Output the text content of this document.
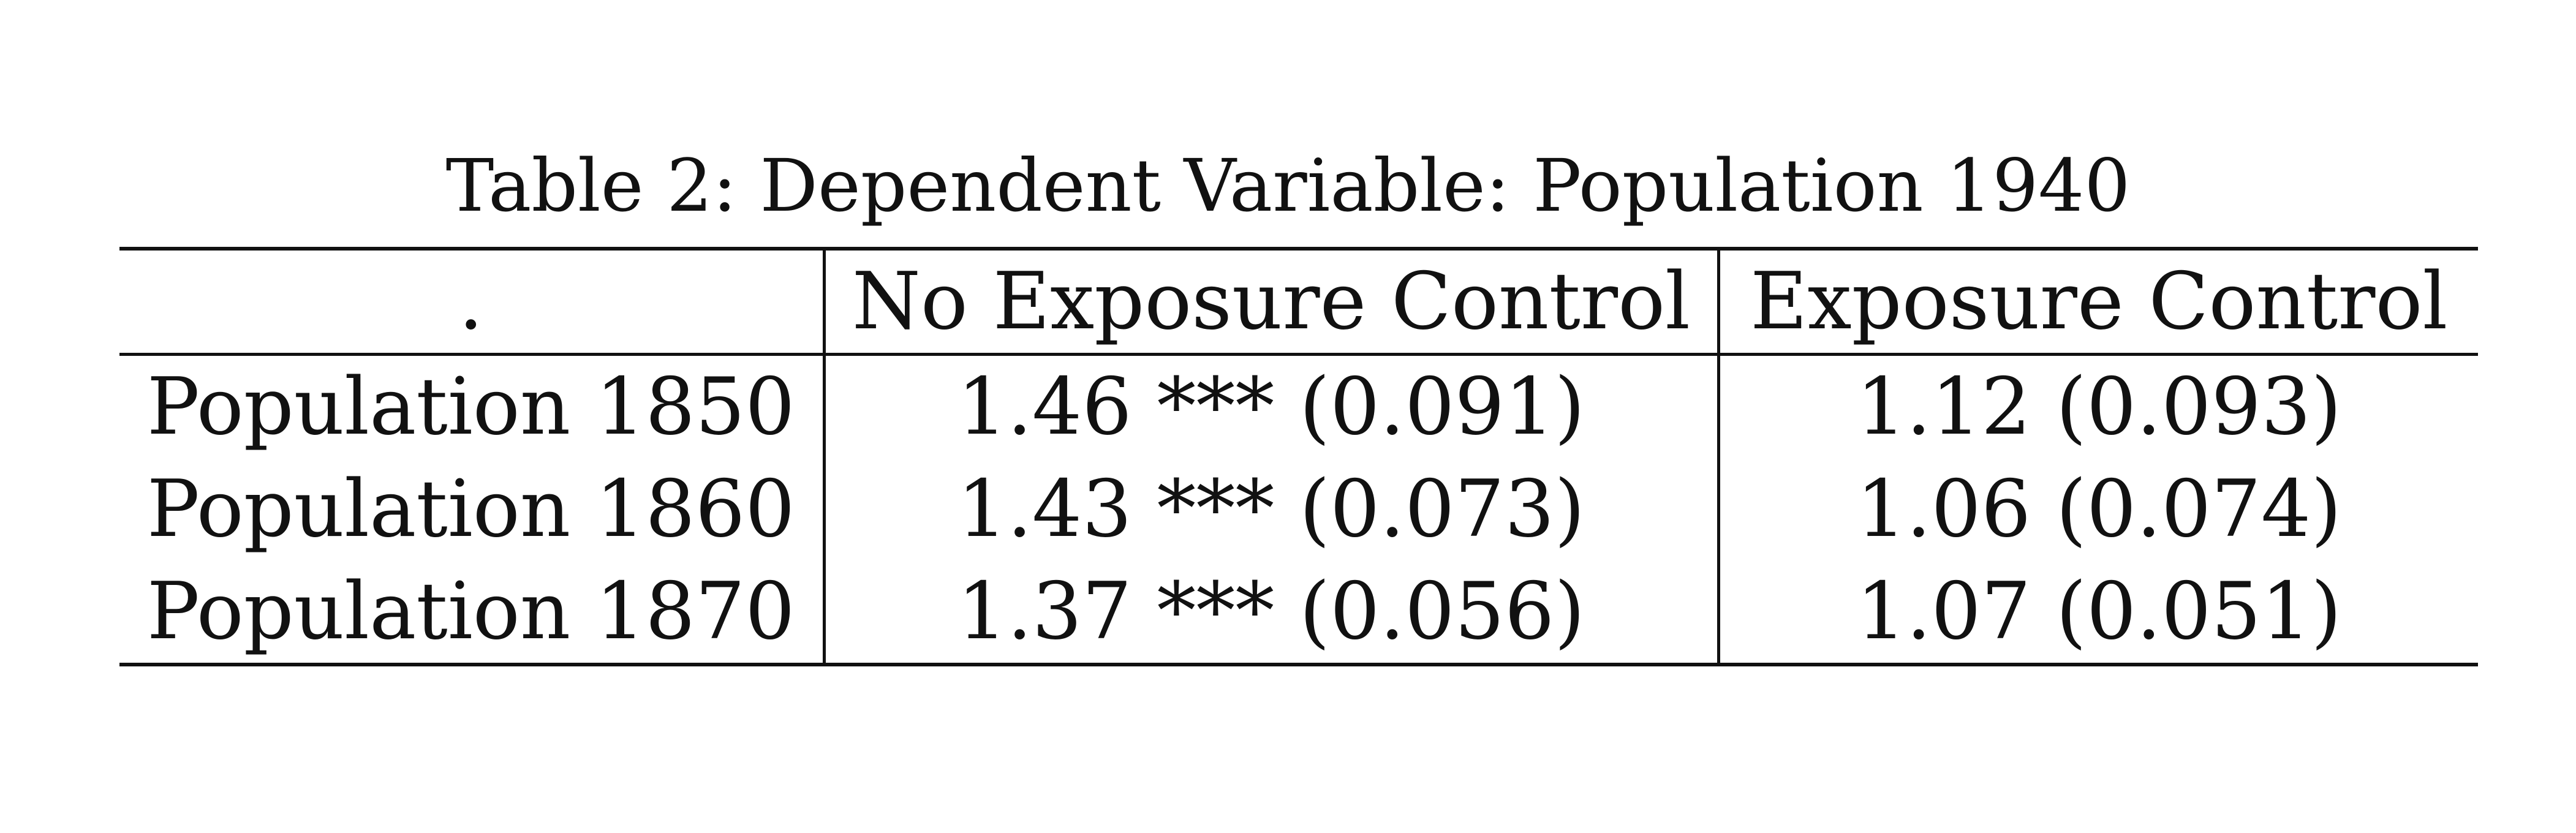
Table 2: Dependent Variable: Population 1940
.	No Exposure Control	Exposure Control
Population 1850	1.46 *** (0.091)	1.12 (0.093)
Population 1860	1.43 *** (0.073)	1.06 (0.074)
Population 1870	1.37 *** (0.056)	1.07 (0.051)
